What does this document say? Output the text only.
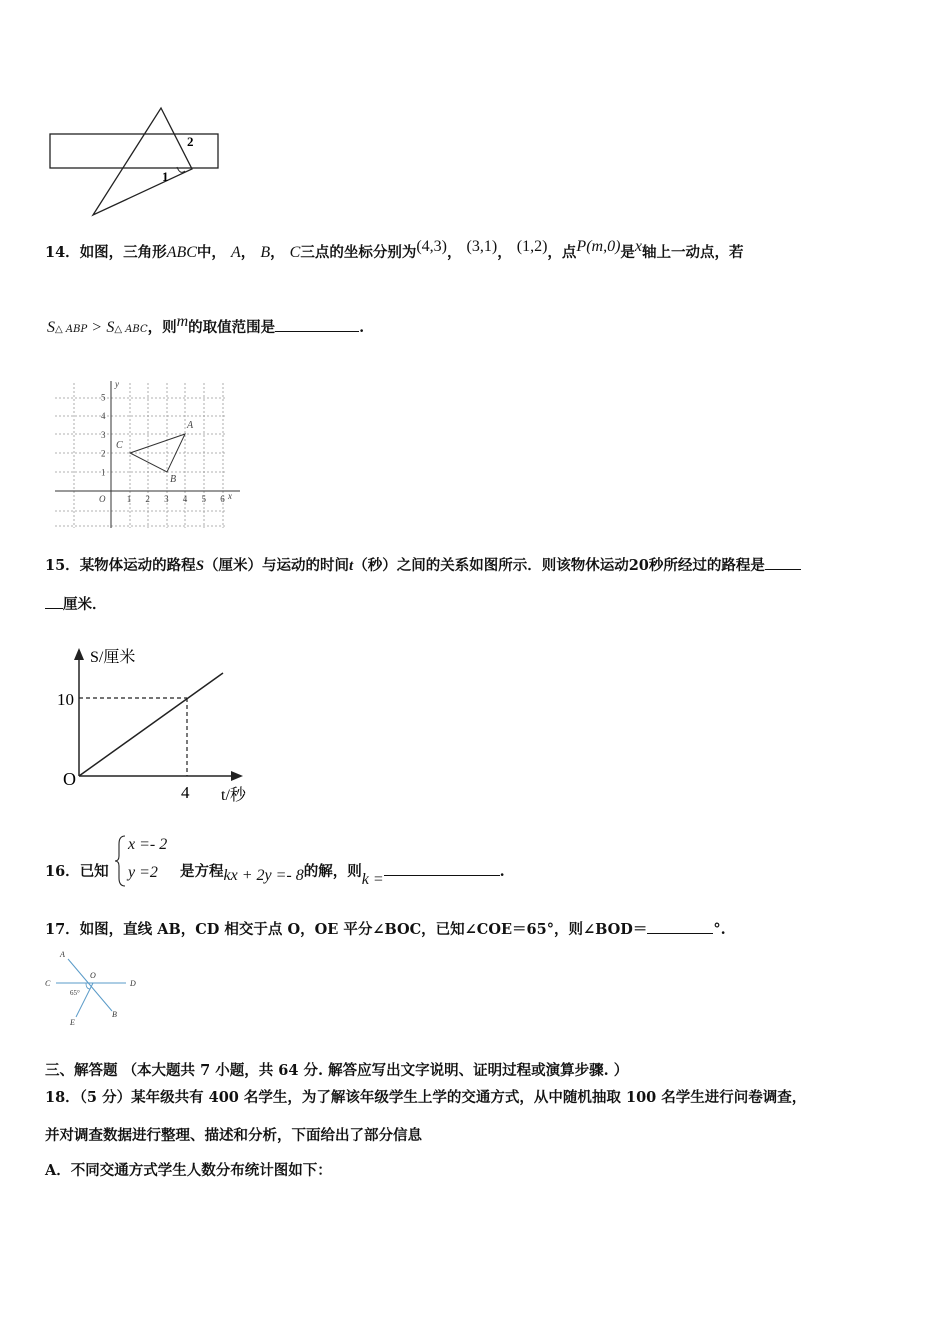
2
1
14．如图，三角形ABC中， A， B， C三点的坐标分别为(4,3)， (3,1)， (1,2)，点P(m,0)是x轴上一动点，若
S△ ABP > S△ ABC，则m的取值范围是	.
y
x
O 1 2 3 4 5 6
1
2
3
4
5
A
B
C
15．某物体运动的路程S（厘米）与运动的时间t（秒）之间的关系如图所示．则该物休运动20秒所经过的路程是
厘米．
S/厘米
t/秒
O
10
4
16．已知
x =- 2
y =2 是方程kx + 2y =- 8的解，则k =	.
17．如图，直线 AB，CD 相交于点 O，OE 平分∠BOC，已知∠COE＝65°，则∠BOD＝	°.
A
C	D
O
B
E
65°
三、解答题 （本大题共 7 小题，共 64 分. 解答应写出文字说明、证明过程或演算步骤. ）
18．（5 分）某年级共有 400 名学生，为了解该年级学生上学的交通方式，从中随机抽取 100 名学生进行问卷调查，
并对调查数据进行整理、描述和分析，下面给出了部分信息
A．不同交通方式学生人数分布统计图如下：
